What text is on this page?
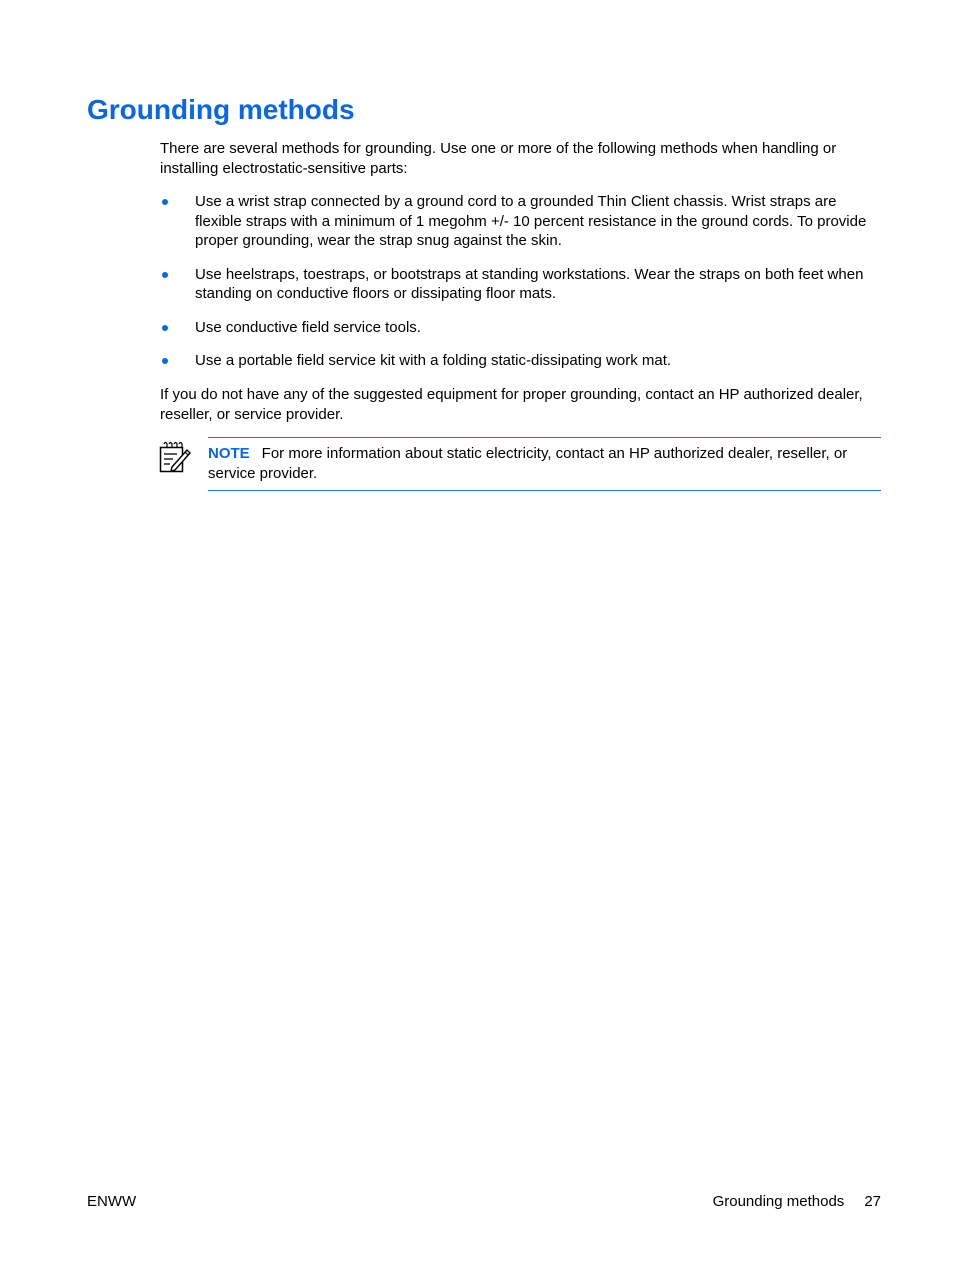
Grounding methods

There are several methods for grounding. Use one or more of the following methods when handling or installing electrostatic-sensitive parts:

Use a wrist strap connected by a ground cord to a grounded Thin Client chassis. Wrist straps are flexible straps with a minimum of 1 megohm +/- 10 percent resistance in the ground cords. To provide proper grounding, wear the strap snug against the skin.
Use heelstraps, toestraps, or bootstraps at standing workstations. Wear the straps on both feet when standing on conductive floors or dissipating floor mats.
Use conductive field service tools.
Use a portable field service kit with a folding static-dissipating work mat.

If you do not have any of the suggested equipment for proper grounding, contact an HP authorized dealer, reseller, or service provider.

NOTE For more information about static electricity, contact an HP authorized dealer, reseller, or service provider.
ENWW	Grounding methods 27
